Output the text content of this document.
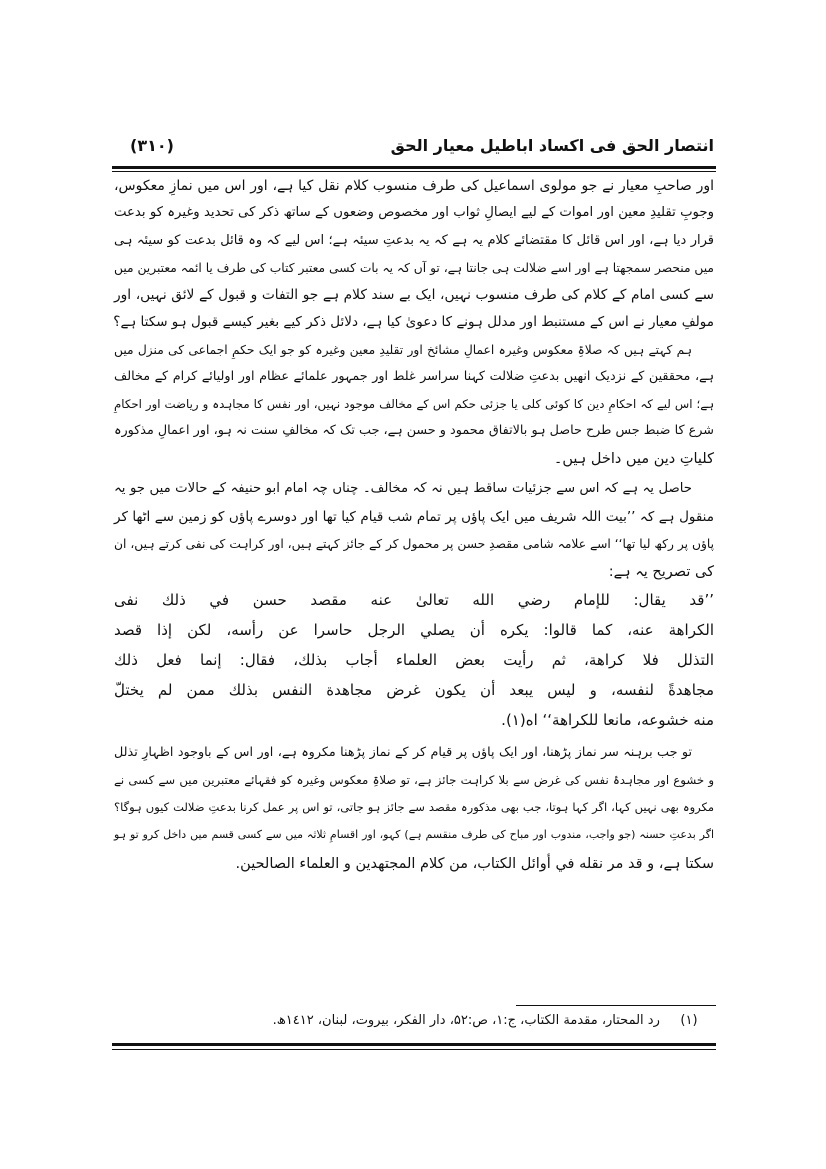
انتصار الحق فی اکساد اباطیل معیار الحق
(۳۱۰)
اور صاحبِ معیار نے جو مولوی اسماعیل کی طرف منسوب کلام نقل کیا ہے، اور اس میں نمازِ معکوس،
وجوبِ تقلیدِ معین اور اموات کے لیے ایصالِ ثواب اور مخصوص وضعوں کے ساتھ ذکر کی تحدید وغیرہ کو بدعت
قرار دیا ہے، اور اس قائل کا مقتضائے کلام یہ ہے کہ یہ بدعتِ سیئہ ہے؛ اس لیے کہ وہ قائل بدعت کو سیئہ ہی
میں منحصر سمجھتا ہے اور اسے ضلالت ہی جانتا ہے، تو آں کہ یہ بات کسی معتبر کتاب کی طرف یا ائمہ معتبرین میں
سے کسی امام کے کلام کی طرف منسوب نہیں، ایک بے سند کلام ہے جو التفات و قبول کے لائق نہیں، اور
مولفِ معیار نے اس کے مستنبط اور مدلل ہونے کا دعویٰ کیا ہے، دلائل ذکر کیے بغیر کیسے قبول ہو سکتا ہے؟
ہم کہتے ہیں کہ صلاۃِ معکوس وغیرہ اعمالِ مشائخ اور تقلیدِ معین وغیرہ کو جو ایک حکمِ اجماعی کی منزل میں
ہے، محققین کے نزدیک انھیں بدعتِ ضلالت کہنا سراسر غلط اور جمہور علمائے عظام اور اولیائے کرام کے مخالف
ہے؛ اس لیے کہ احکامِ دین کا کوئی کلی یا جزئی حکم اس کے مخالف موجود نہیں، اور نفس کا مجاہدہ و ریاضت اور احکامِ
شرع کا ضبط جس طرح حاصل ہو بالاتفاق محمود و حسن ہے، جب تک کہ مخالفِ سنت نہ ہو، اور اعمالِ مذکورہ
کلیاتِ دین میں داخل ہیں۔
حاصل یہ ہے کہ اس سے جزئیات ساقط ہیں نہ کہ مخالف۔ چناں چہ امام ابو حنیفہ کے حالات میں جو یہ
منقول ہے کہ ’’بیت اللہ شریف میں ایک پاؤں پر تمام شب قیام کیا تھا اور دوسرے پاؤں کو زمین سے اٹھا کر
پاؤں پر رکھ لیا تھا‘‘ اسے علامہ شامی مقصدِ حسن پر محمول کر کے جائز کہتے ہیں، اور کراہت کی نفی کرتے ہیں، ان
کی تصریح یہ ہے:
’’قد يقال: للإمام رضي الله تعالىٰ عنه مقصد حسن في ذلك نفى
الكراهة عنه، كما قالوا: يكره أن يصلي الرجل حاسرا عن رأسه، لكن إذا قصد
التذلل فلا كراهة، ثم رأيت بعض العلماء أجاب بذلك، فقال: إنما فعل ذلك
مجاهدةً لنفسه، و ليس يبعد أن يكون غرض مجاهدة النفس بذلك ممن لم يختلّ
منه خشوعه، مانعا للكراهة‘‘ اه(۱).
تو جب برہنہ سر نماز پڑھنا، اور ایک پاؤں پر قیام کر کے نماز پڑھنا مکروہ ہے، اور اس کے باوجود اظہارِ تذلل
و خشوع اور مجاہدۂ نفس کی غرض سے بلا کراہت جائز ہے، تو صلاۃِ معکوس وغیرہ کو فقہائے معتبرین میں سے کسی نے
مکروہ بھی نہیں کہا، اگر کہا ہوتا، جب بھی مذکورہ مقصد سے جائز ہو جاتی، تو اس پر عمل کرنا بدعتِ ضلالت کیوں ہوگا؟
اگر بدعتِ حسنہ (جو واجب، مندوب اور مباح کی طرف منقسم ہے) کہو، اور اقسامِ ثلاثہ میں سے کسی قسم میں داخل کرو تو ہو
سکتا ہے، و قد مر نقله في أوائل الكتاب، من كلام المجتهدين و العلماء الصالحين.
(۱) رد المحتار، مقدمة الكتاب، ج:۱، ص:۵۲، دار الفكر، بيروت، لبنان، ۱٤۱۲ھ.
